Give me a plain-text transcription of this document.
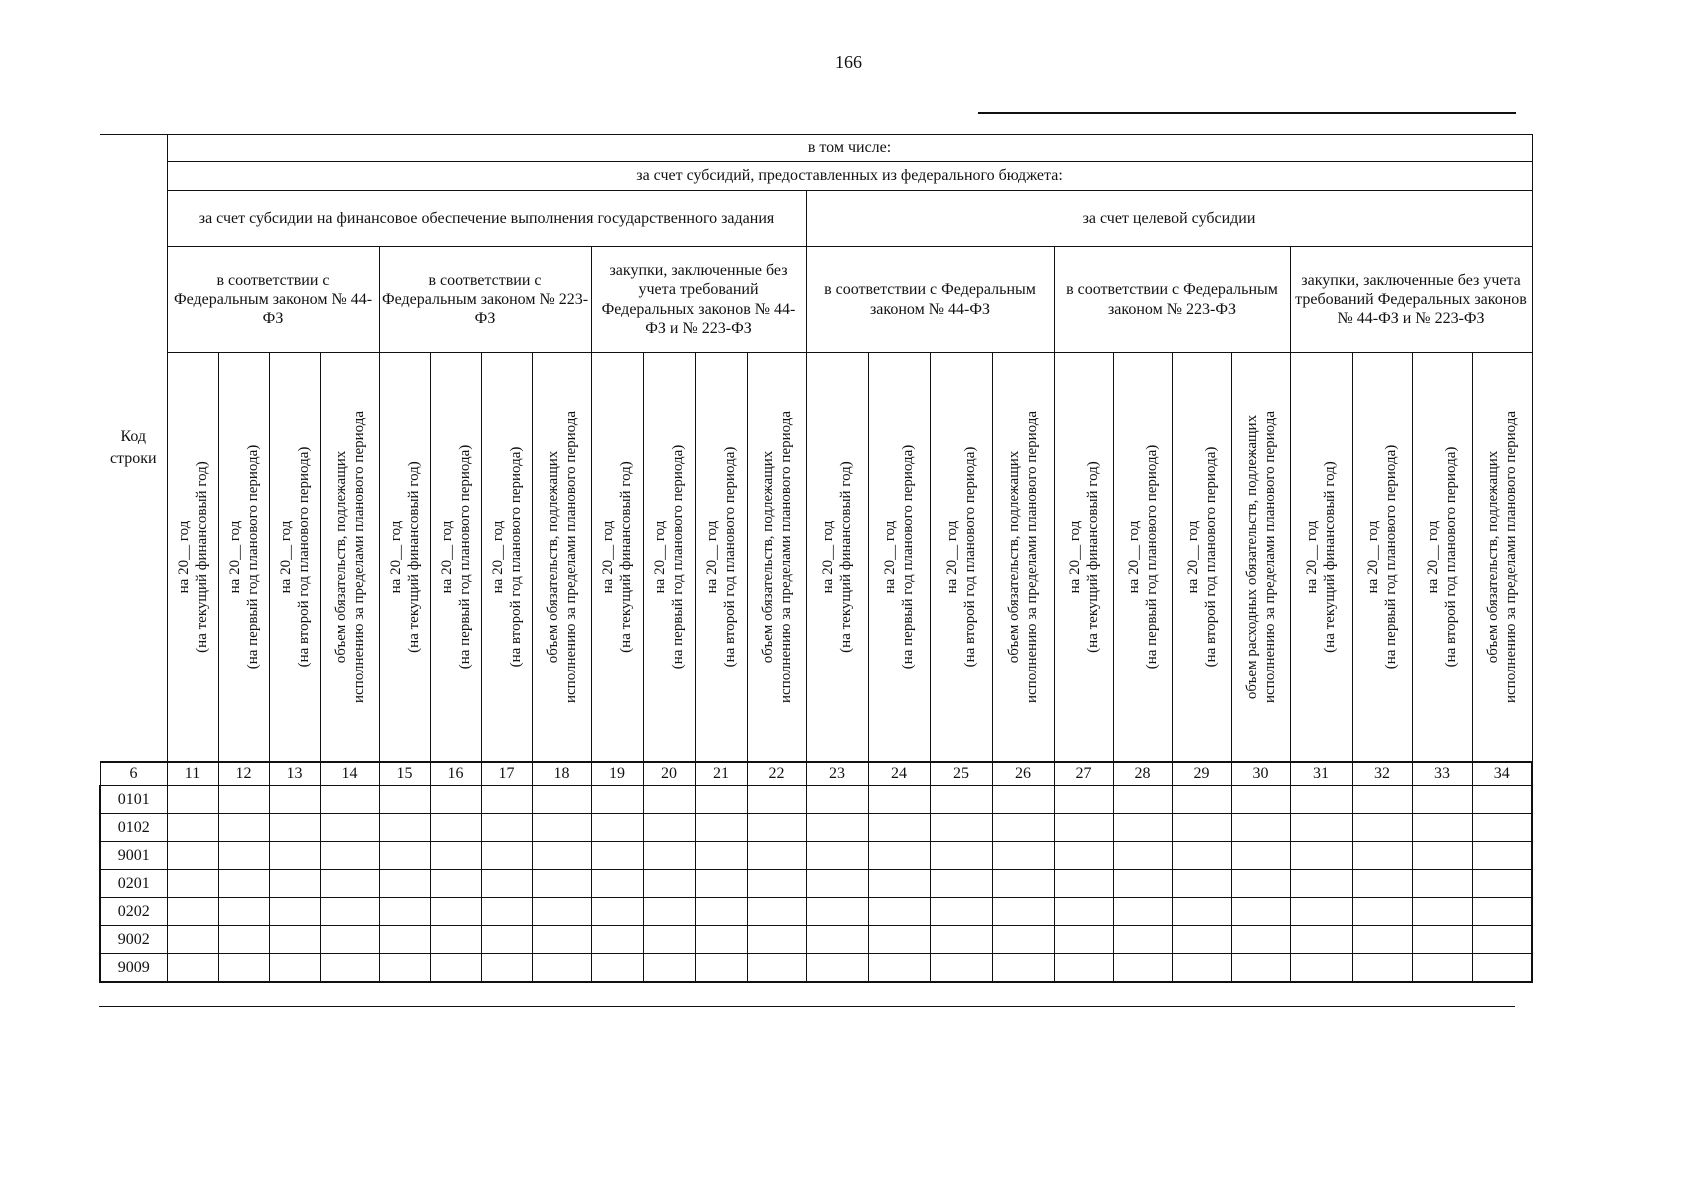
166
Код строки	в том числе:																							
	за счет субсидий, предоставленных из федерального бюджета:																							
	за счет субсидии на финансовое обеспечение выполнения государственного задания												за счет целевой субсидии											
	в соответствии с Федеральным законом № 44-ФЗ				в соответствии с Федеральным законом № 223-ФЗ				закупки, заключенные без учета требований Федеральных законов № 44-ФЗ и № 223-ФЗ				в соответствии с Федеральным законом № 44-ФЗ				в соответствии с Федеральным законом № 223-ФЗ				закупки, заключенные без учета требований Федеральных законов № 44-ФЗ и № 223-ФЗ			

	на 20__ год (на текущий финансовый год)	на 20__ год (на первый год планового периода)	на 20__ год (на второй год планового периода)	объем обязательств, подлежащих исполнению за пределами планового периода	на 20__ год (на текущий финансовый год)	на 20__ год (на первый год планового периода)	на 20__ год (на второй год планового периода)	объем обязательств, подлежащих исполнению за пределами планового периода	на 20__ год (на текущий финансовый год)	на 20__ год (на первый год планового периода)	на 20__ год (на второй год планового периода)	объем обязательств, подлежащих исполнению за пределами планового периода	на 20__ год (на текущий финансовый год)	на 20__ год (на первый год планового периода)	на 20__ год (на второй год планового периода)	объем обязательств, подлежащих исполнению за пределами планового периода	на 20__ год (на текущий финансовый год)	на 20__ год (на первый год планового периода)	на 20__ год (на второй год планового периода)	объем расходных обязательств, подлежащих исполнению за пределами планового периода	на 20__ год (на текущий финансовый год)	на 20__ год (на первый год планового периода)	на 20__ год (на второй год планового периода)	объем обязательств, подлежащих исполнению за пределами планового периода

6	11	12	13	14	15	16	17	18	19	20	21	22	23	24	25	26	27	28	29	30	31	32	33	34
0101																								
0102																								
9001																								
0201																								
0202																								
9002																								
9009																								
